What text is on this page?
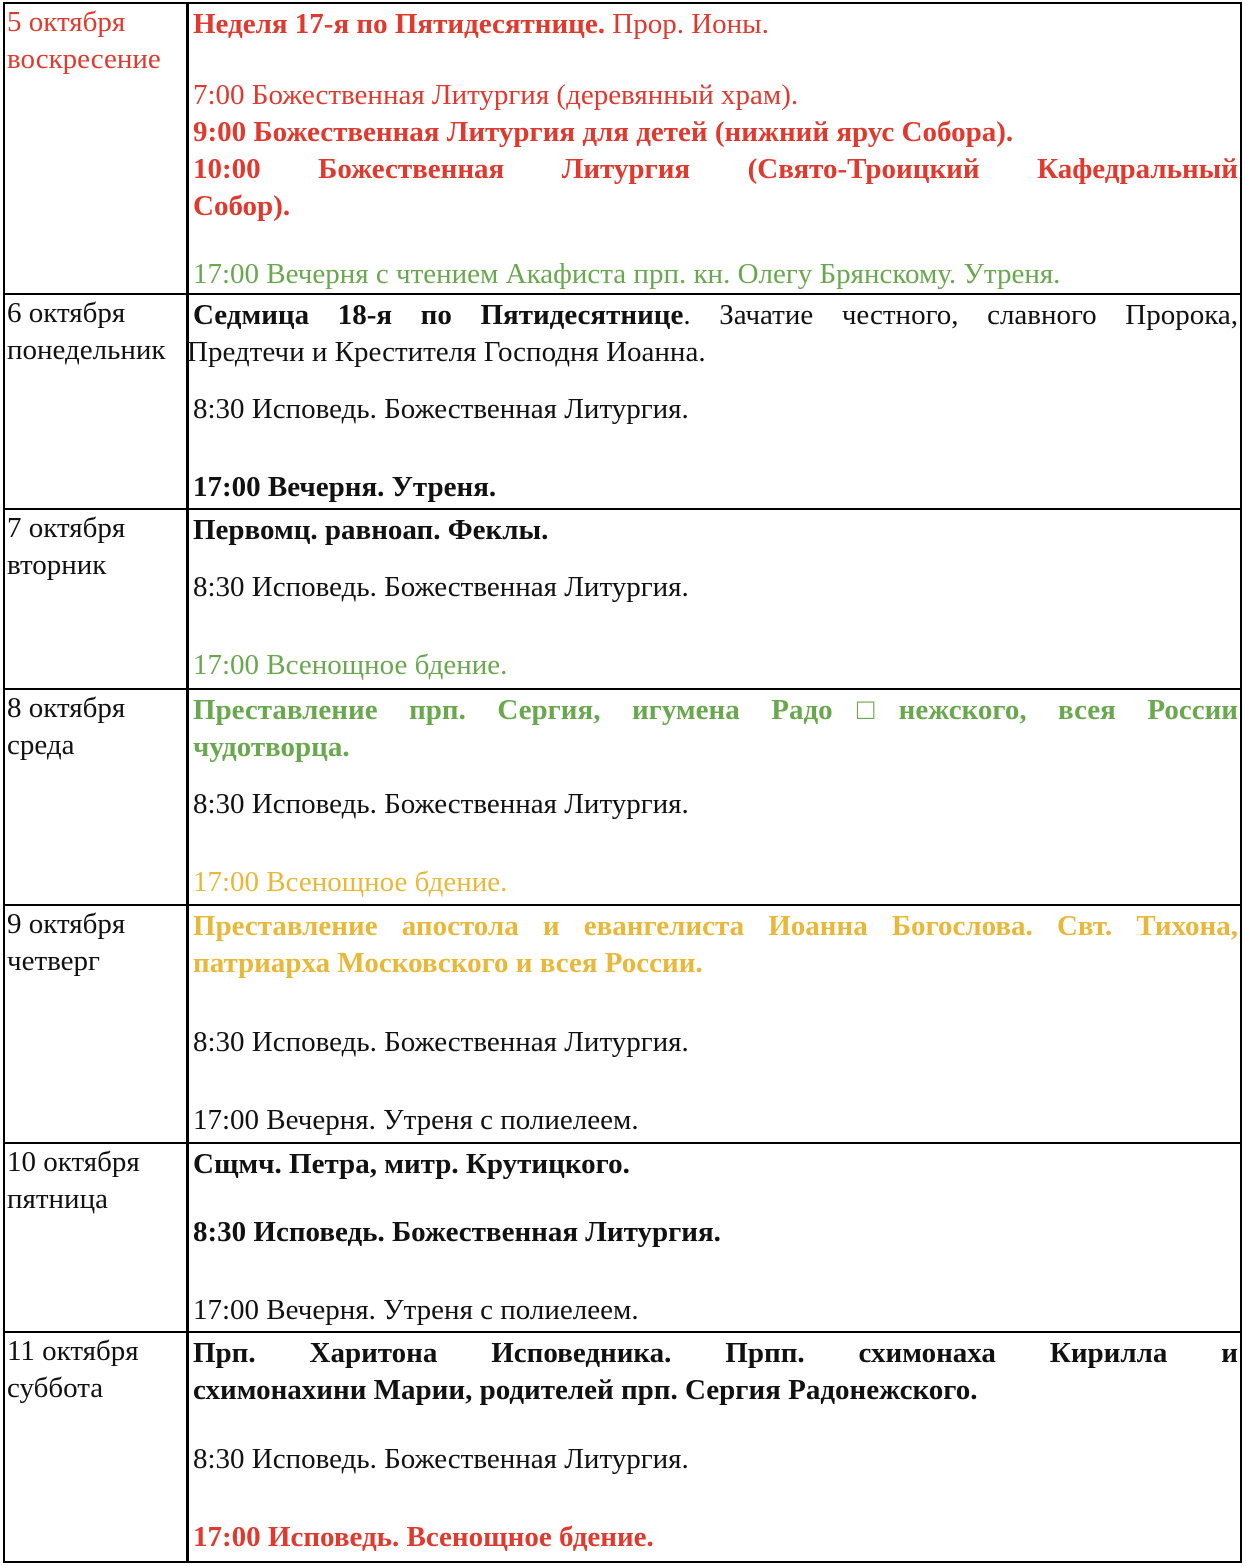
5 октября
воскресение
Неделя 17-я по Пятидесятнице. Прор. Ионы.
7:00 Божественная Литургия (деревянный храм).
9:00 Божественная Литургия для детей (нижний ярус Собора).
10:00 Божественная Литургия (Свято-Троицкий Кафедральный
Собор).
17:00 Вечерня с чтением Акафиста прп. кн. Олегу Брянскому. Утреня.
6 октября
понедельник
Седмица 18-я по Пятидесятнице. Зачатие честного, славного Пророка,
Предтечи и Крестителя Господня Иоанна.
8:30 Исповедь. Божественная Литургия.
17:00 Вечерня. Утреня.
7 октября
вторник
Первомц. равноап. Феклы.
8:30 Исповедь. Божественная Литургия.
17:00 Всенощное бдение.
8 октября
среда
Преставление прп. Сергия, игумена Радо□нежского, всея России
чудотворца.
8:30 Исповедь. Божественная Литургия.
17:00 Всенощное бдение.
9 октября
четверг
Преставление апостола и евангелиста Иоанна Богослова. Свт. Тихона,
патриарха Московского и всея России.
8:30 Исповедь. Божественная Литургия.
17:00 Вечерня. Утреня с полиелеем.
10 октября
пятница
Сщмч. Петра, митр. Крутицкого.
8:30 Исповедь. Божественная Литургия.
17:00 Вечерня. Утреня с полиелеем.
11 октября
суббота
Прп. Харитона Исповедника. Прпп. схимонаха Кирилла и
схимонахини Марии, родителей прп. Сергия Радонежского.
8:30 Исповедь. Божественная Литургия.
17:00 Исповедь. Всенощное бдение.
